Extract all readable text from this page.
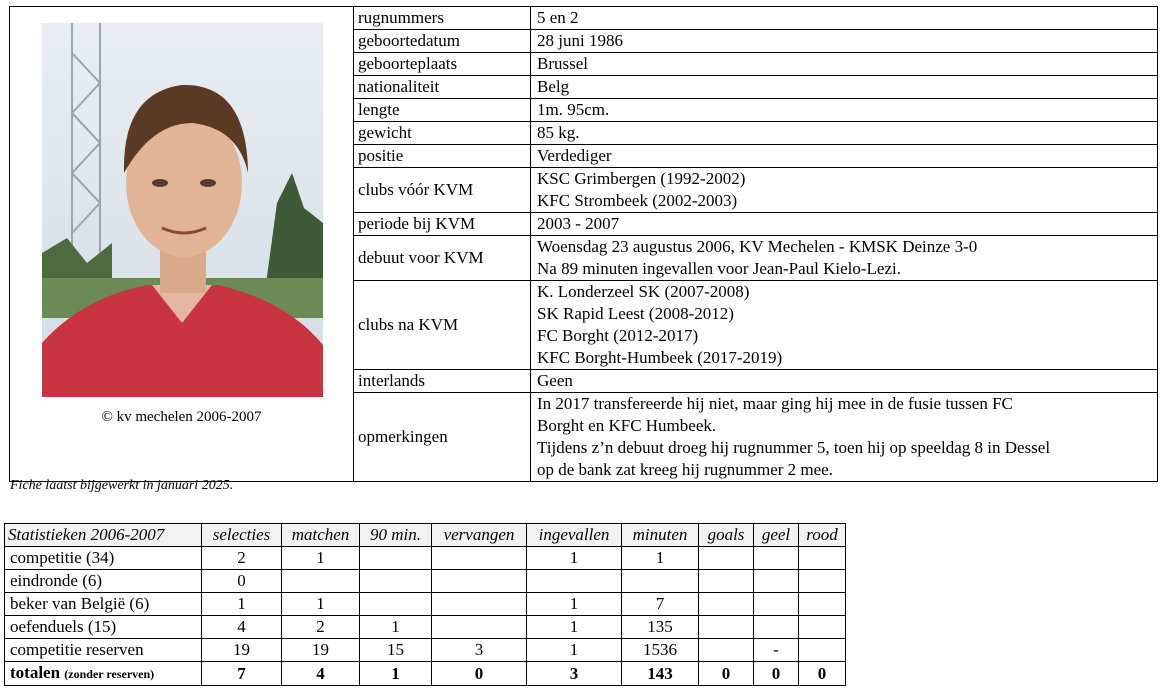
© kv mechelen 2006-2007	rugnummers	5 en 2

	geboortedatum	28 juni 1986

	geboorteplaats	Brussel

	nationaliteit	Belg

	lengte	1m. 95cm.

	gewicht	85 kg.

	positie	Verdediger

	clubs vóór KVM	KSC Grimbergen (1992-2002)
KFC Strombeek (2002-2003)

	periode bij KVM	2003 - 2007

	debuut voor KVM	Woensdag 23 augustus 2006, KV Mechelen - KMSK Deinze 3-0
Na 89 minuten ingevallen voor Jean-Paul Kielo-Lezi.

	clubs na KVM	K. Londerzeel SK (2007-2008)
SK Rapid Leest (2008-2012)
FC Borght (2012-2017)
KFC Borght-Humbeek (2017-2019)

	interlands	Geen

	opmerkingen	In 2017 transfereerde hij niet, maar ging hij mee in de fusie tussen FC
Borght en KFC Humbeek.
Tijdens z’n debuut droeg hij rugnummer 5, toen hij op speeldag 8 in Dessel
op de bank zat kreeg hij rugnummer 2 mee.
Fiche laatst bijgewerkt in januari 2025.
Statistieken 2006-2007	selecties	matchen	90 min.	vervangen	ingevallen	minuten	goals	geel	rood
competitie (34)	2	1			1	1			
eindronde (6)	0								
beker van België (6)	1	1			1	7			
oefenduels (15)	4	2	1		1	135			
competitie reserven	19	19	15	3	1	1536		-	
totalen (zonder reserven)	7	4	1	0	3	143	0	0	0
